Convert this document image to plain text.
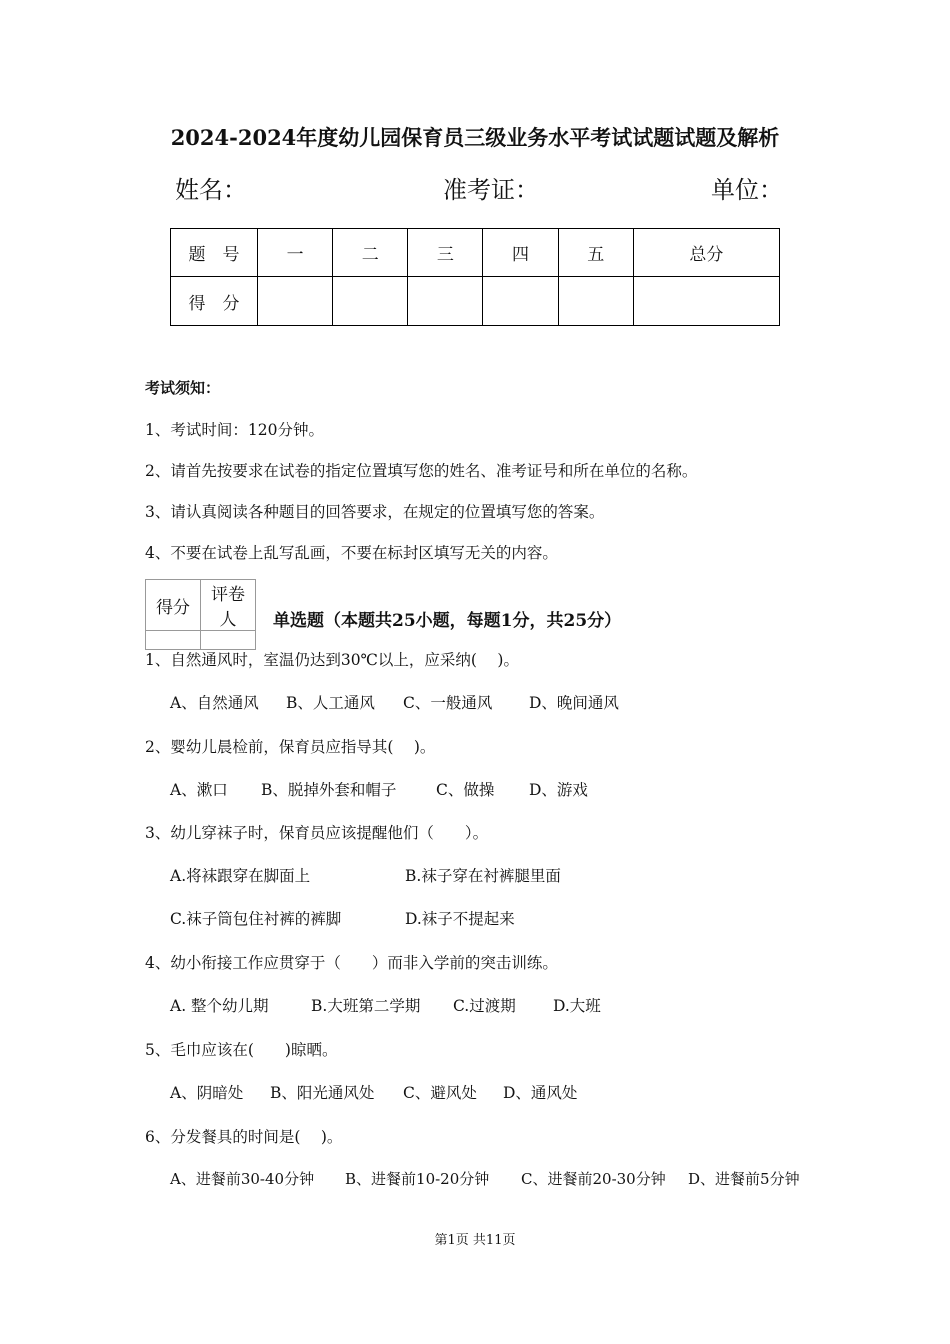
2024-2024年度幼儿园保育员三级业务水平考试试题试题及解析
姓名：	准考证：	单位：
题　号	一	二	三	四	五	总分
得　分						
考试须知：
1、考试时间：120分钟。
2、请首先按要求在试卷的指定位置填写您的姓名、准考证号和所在单位的名称。
3、请认真阅读各种题目的回答要求，在规定的位置填写您的答案。
4、不要在试卷上乱写乱画，不要在标封区填写无关的内容。
得分	评卷人
	单选题（本题共25小题，每题1分，共25分）
1、自然通风时，室温仍达到30℃以上，应采纳(　 )。
A、自然通风 B、人工通风 C、一般通风 D、晚间通风
2、婴幼儿晨检前，保育员应指导其(　 )。
A、漱口 B、脱掉外套和帽子	C、做操 D、游戏
3、幼儿穿袜子时，保育员应该提醒他们（　　）。
A.将袜跟穿在脚面上	B.袜子穿在衬裤腿里面
C.袜子筒包住衬裤的裤脚	D.袜子不提起来
4、幼小衔接工作应贯穿于（　　）而非入学前的突击训练。
A. 整个幼儿期	B.大班第二学期 C.过渡期 D.大班
5、毛巾应该在(　　)晾晒。
A、阴暗处 B、阳光通风处 C、避风处 D、通风处
6、分发餐具的时间是(　 )。
A、进餐前30-40分钟 B、进餐前10-20分钟 C、进餐前20-30分钟 D、进餐前5分钟
第1页 共11页
